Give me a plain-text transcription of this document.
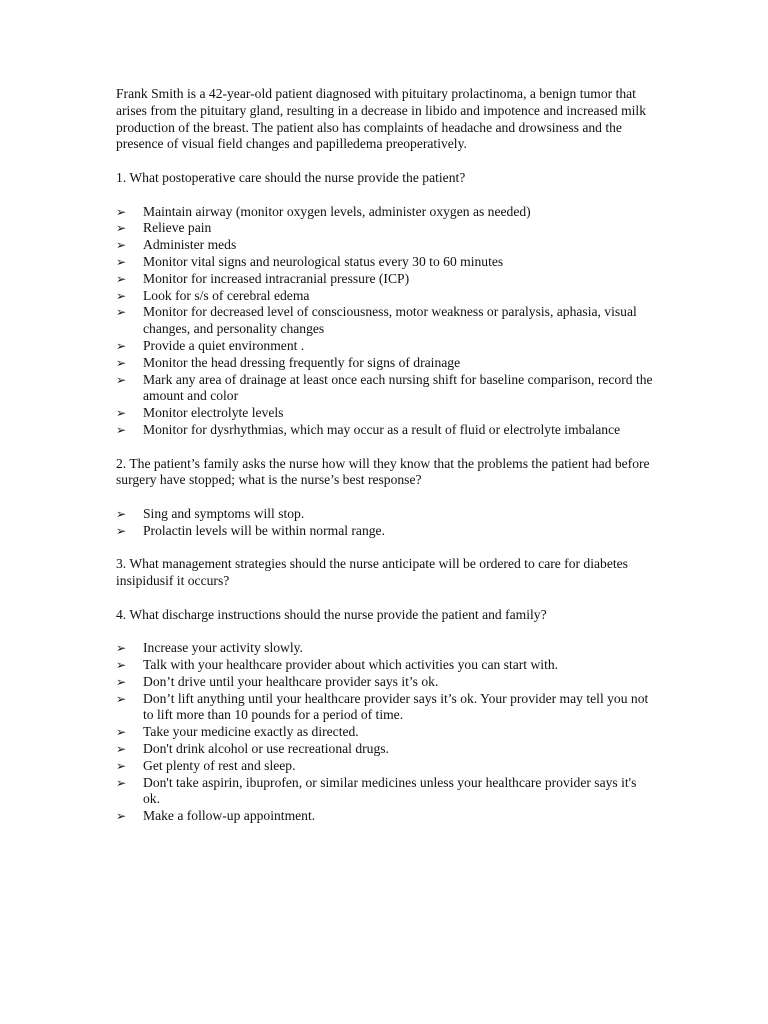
Frank Smith is a 42-year-old patient diagnosed with pituitary prolactinoma, a benign tumor that arises from the pituitary gland, resulting in a decrease in libido and impotence and increased milk production of the breast. The patient also has complaints of headache and drowsiness and the presence of visual field changes and papilledema preoperatively.

1. What postoperative care should the nurse provide the patient?

➢ Maintain airway (monitor oxygen levels, administer oxygen as needed)
➢ Relieve pain
➢ Administer meds
➢ Monitor vital signs and neurological status every 30 to 60 minutes
➢ Monitor for increased intracranial pressure (ICP)
➢ Look for s/s of cerebral edema
➢ Monitor for decreased level of consciousness, motor weakness or paralysis, aphasia, visual changes, and personality changes
➢ Provide a quiet environment .
➢ Monitor the head dressing frequently for signs of drainage
➢ Mark any area of drainage at least once each nursing shift for baseline comparison, record the amount and color
➢ Monitor electrolyte levels
➢ Monitor for dysrhythmias, which may occur as a result of fluid or electrolyte imbalance

2. The patient’s family asks the nurse how will they know that the problems the patient had before surgery have stopped; what is the nurse’s best response?

➢ Sing and symptoms will stop.
➢ Prolactin levels will be within normal range.

3. What management strategies should the nurse anticipate will be ordered to care for diabetes insipidusif it occurs?

4. What discharge instructions should the nurse provide the patient and family?

➢ Increase your activity slowly.
➢ Talk with your healthcare provider about which activities you can start with.
➢ Don’t drive until your healthcare provider says it’s ok.
➢ Don’t lift anything until your healthcare provider says it’s ok. Your provider may tell you not to lift more than 10 pounds for a period of time.
➢ Take your medicine exactly as directed.
➢ Don't drink alcohol or use recreational drugs.
➢ Get plenty of rest and sleep.
➢ Don't take aspirin, ibuprofen, or similar medicines unless your healthcare provider says it's ok.
➢ Make a follow-up appointment.
